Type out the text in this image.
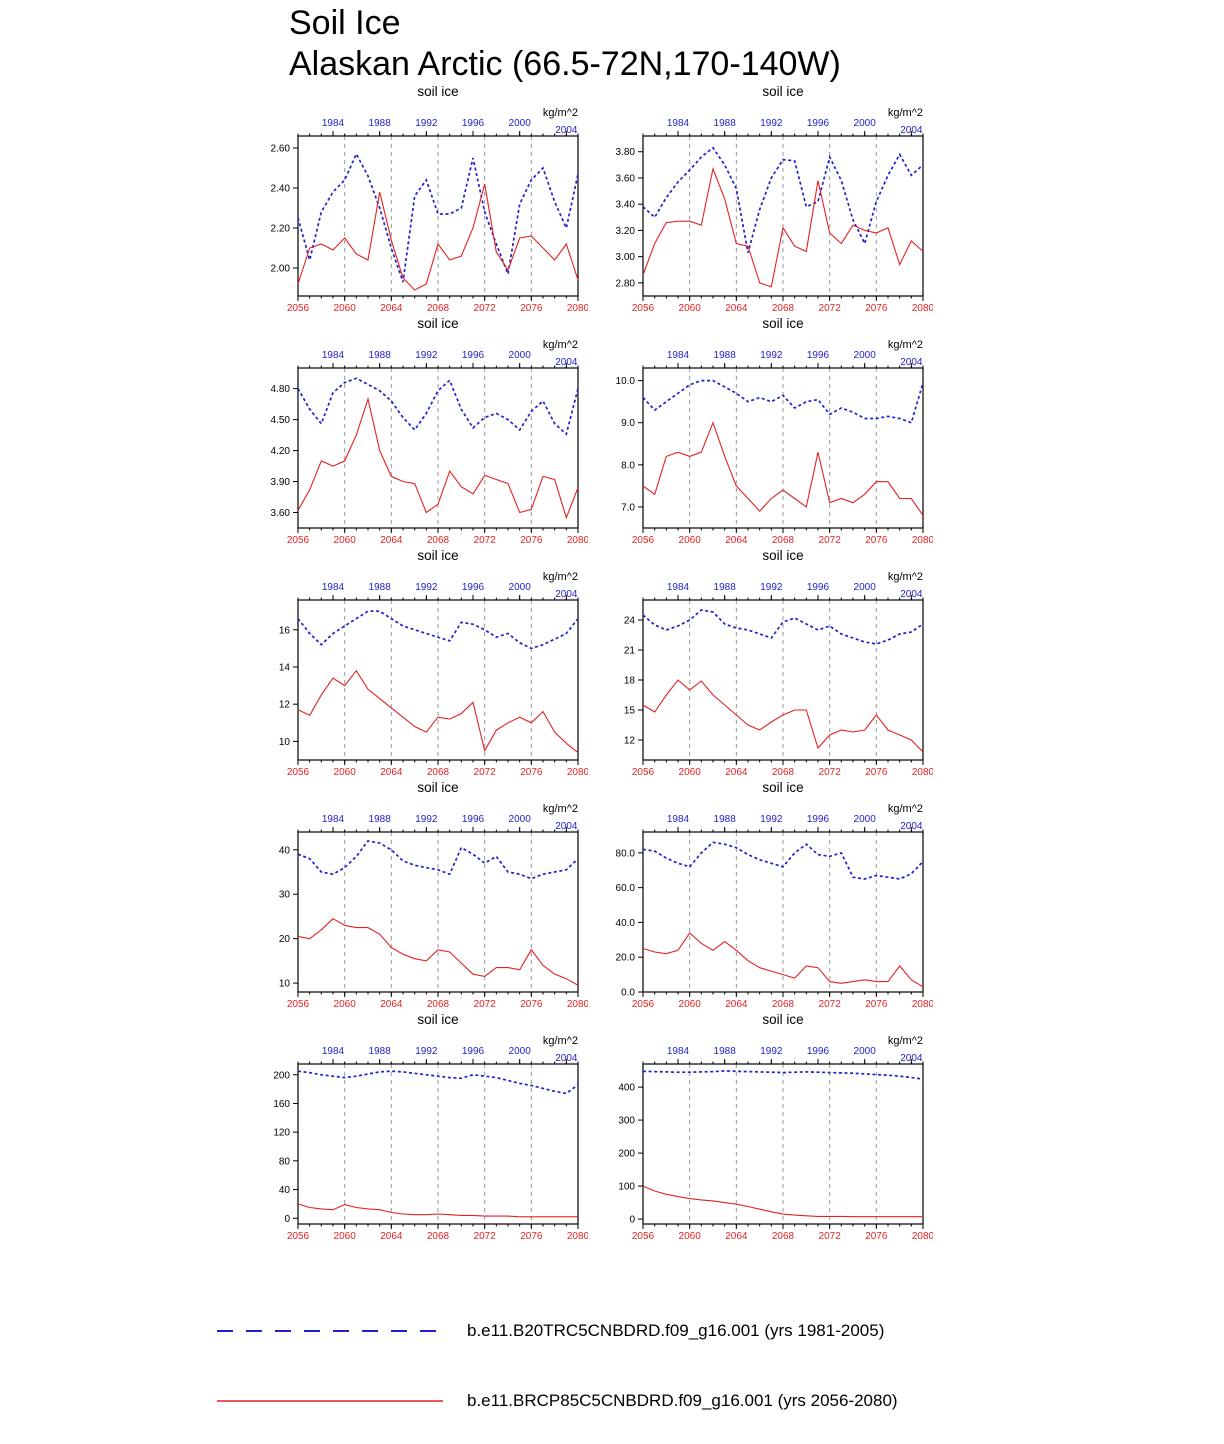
Soil Ice
Alaskan Arctic (66.5-72N,170-140W)
soil ice
kg/m^2
1984 1988 1992 1996 2000
2004
2056 2060 2064 2068 2072 2076 2080
2.00
2.20
2.40
2.60
soil ice
kg/m^2
1984 1988 1992 1996 2000
2004
2056 2060 2064 2068 2072 2076 2080
2.80
3.00
3.20
3.40
3.60
3.80
soil ice
kg/m^2
1984 1988 1992 1996 2000
2004
2056 2060 2064 2068 2072 2076 2080
3.60
3.90
4.20
4.50
4.80
soil ice
kg/m^2
1984 1988 1992 1996 2000
2004
2056 2060 2064 2068 2072 2076 2080
7.0
8.0
9.0
10.0
soil ice
kg/m^2
1984 1988 1992 1996 2000
2004
2056 2060 2064 2068 2072 2076 2080
10
12
14
16
soil ice
kg/m^2
1984 1988 1992 1996 2000
2004
2056 2060 2064 2068 2072 2076 2080
12
15
18
21
24
soil ice
kg/m^2
1984 1988 1992 1996 2000
2004
2056 2060 2064 2068 2072 2076 2080
10
20
30
40
soil ice
kg/m^2
1984 1988 1992 1996 2000
2004
2056 2060 2064 2068 2072 2076 2080
0.0
20.0
40.0
60.0
80.0
soil ice
kg/m^2
1984 1988 1992 1996 2000
2004
2056 2060 2064 2068 2072 2076 2080
0
40
80
120
160
200
soil ice
kg/m^2
1984 1988 1992 1996 2000
2004
2056 2060 2064 2068 2072 2076 2080
0
100
200
300
400
b.e11.B20TRC5CNBDRD.f09_g16.001 (yrs 1981-2005)
b.e11.BRCP85C5CNBDRD.f09_g16.001 (yrs 2056-2080)
